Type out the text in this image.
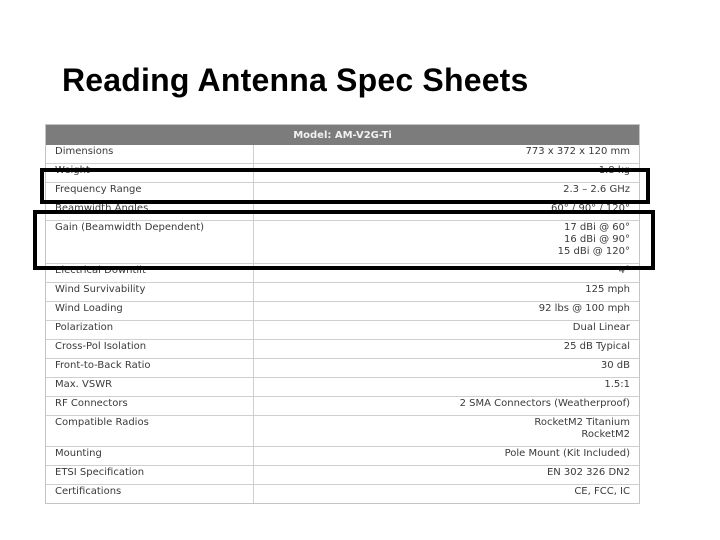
Reading Antenna Spec Sheets
Model: AM-V2G-Ti
Dimensions	773 x 372 x 120 mm
Weight	1.8 kg
Frequency Range	2.3 – 2.6 GHz
Beamwidth Angles	60° / 90° / 120°
Gain (Beamwidth Dependent)	17 dBi @ 60°
16 dBi @ 90°
15 dBi @ 120°
Electrical Downtilt	4°
Wind Survivability	125 mph
Wind Loading	92 lbs @ 100 mph
Polarization	Dual Linear
Cross-Pol Isolation	25 dB Typical
Front-to-Back Ratio	30 dB
Max. VSWR	1.5:1
RF Connectors	2 SMA Connectors (Weatherproof)
Compatible Radios	RocketM2 Titanium
RocketM2
Mounting	Pole Mount (Kit Included)
ETSI Specification	EN 302 326 DN2
Certifications	CE, FCC, IC
